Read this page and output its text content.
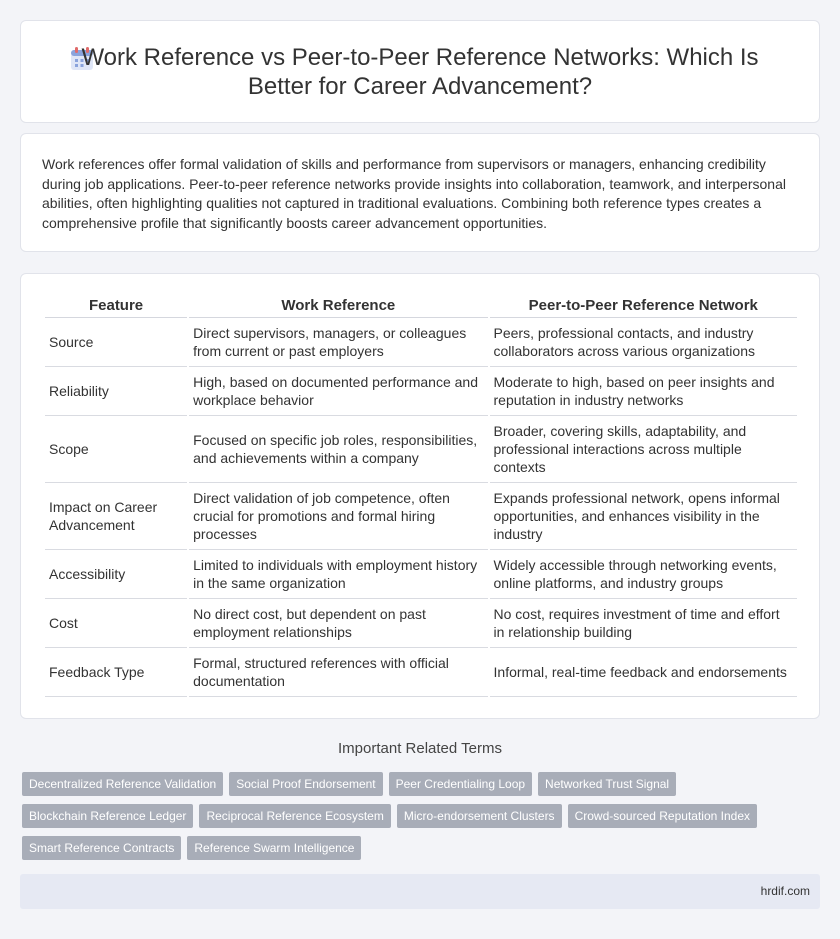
Work Reference vs Peer-to-Peer Reference Networks: Which Is Better for Career Advancement?

Work references offer formal validation of skills and performance from supervisors or managers, enhancing credibility during job applications. Peer-to-peer reference networks provide insights into collaboration, teamwork, and interpersonal abilities, often highlighting qualities not captured in traditional evaluations. Combining both reference types creates a comprehensive profile that significantly boosts career advancement opportunities.

Feature	Work Reference	Peer-to-Peer Reference Network
Source	Direct supervisors, managers, or colleagues from current or past employers	Peers, professional contacts, and industry collaborators across various organizations
Reliability	High, based on documented performance and workplace behavior	Moderate to high, based on peer insights and reputation in industry networks
Scope	Focused on specific job roles, responsibilities, and achievements within a company	Broader, covering skills, adaptability, and professional interactions across multiple contexts
Impact on Career Advancement	Direct validation of job competence, often crucial for promotions and formal hiring processes	Expands professional network, opens informal opportunities, and enhances visibility in the industry
Accessibility	Limited to individuals with employment history in the same organization	Widely accessible through networking events, online platforms, and industry groups
Cost	No direct cost, but dependent on past employment relationships	No cost, requires investment of time and effort in relationship building
Feedback Type	Formal, structured references with official documentation	Informal, real-time feedback and endorsements
Important Related Terms
Decentralized Reference Validation	Social Proof Endorsement	Peer Credentialing Loop	Networked Trust Signal
Blockchain Reference Ledger	Reciprocal Reference Ecosystem	Micro-endorsement Clusters	Crowd-sourced Reputation Index
Smart Reference Contracts	Reference Swarm Intelligence
hrdif.com
